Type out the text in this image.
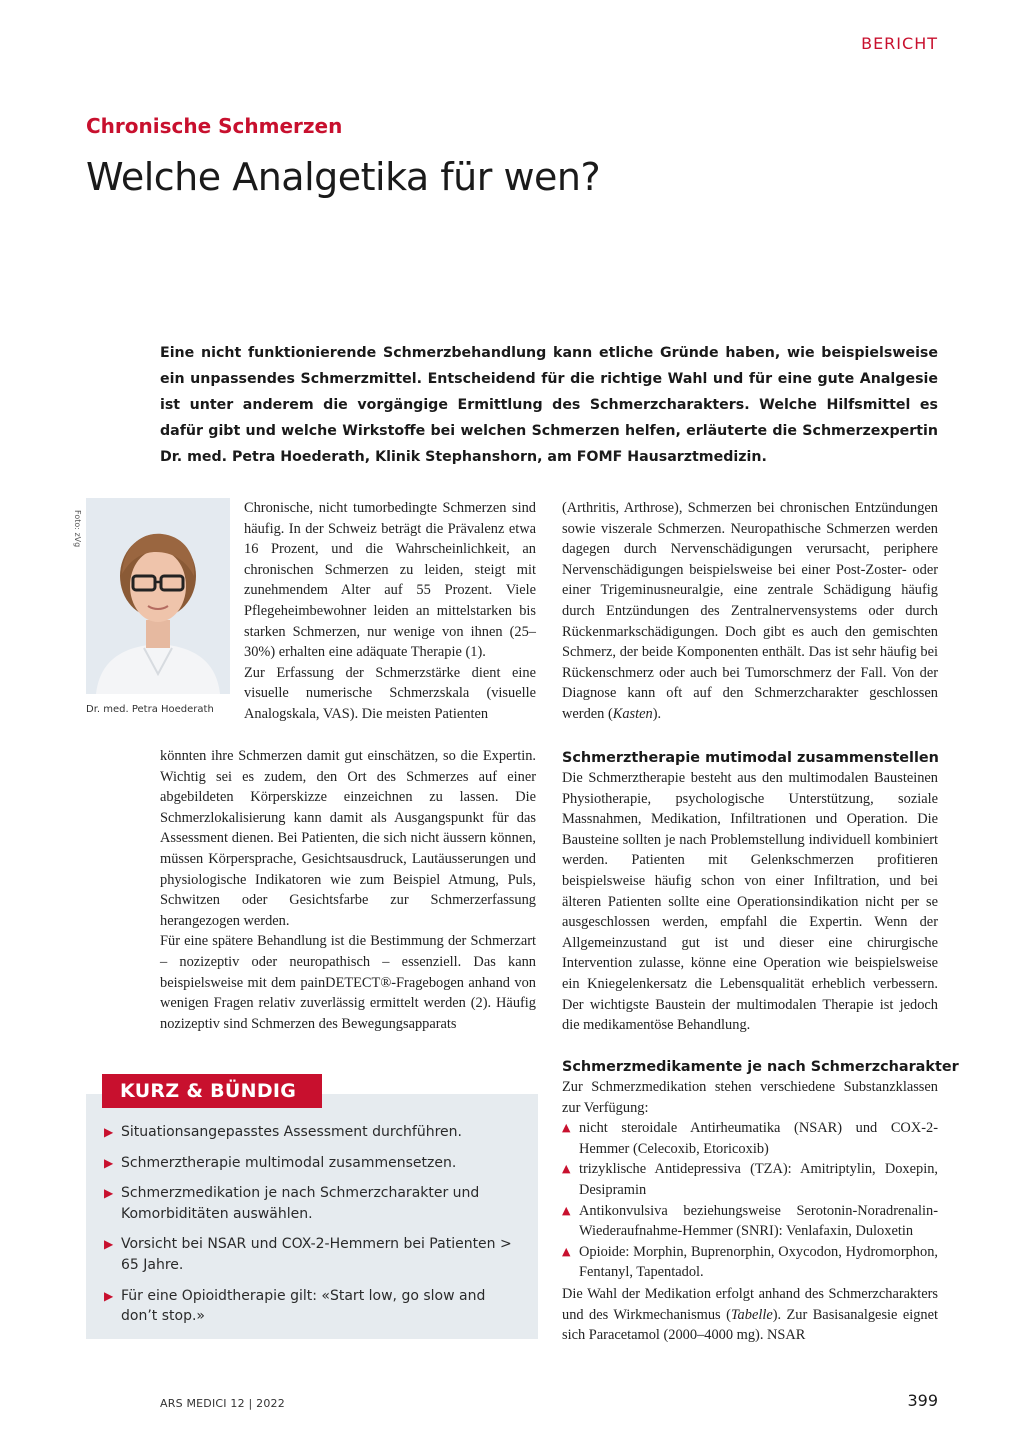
BERICHT
Chronische Schmerzen
Welche Analgetika für wen?

Eine nicht funktionierende Schmerzbehandlung kann etliche Gründe haben, wie beispielsweise ein unpassendes Schmerzmittel. Entscheidend für die richtige Wahl und für eine gute Analgesie ist unter anderem die vorgängige Ermittlung des Schmerzcharakters. Welche Hilfsmittel es dafür gibt und welche Wirkstoffe bei welchen Schmerzen helfen, erläuterte die Schmerzexpertin Dr. med. Petra Hoederath, Klinik Stephanshorn, am FOMF Hausarztmedizin.

Foto: zVg
Dr. med. Petra Hoederath

Chronische, nicht tumorbedingte Schmerzen sind häufig. In der Schweiz beträgt die Prävalenz etwa 16 Prozent, und die Wahrscheinlichkeit, an chronischen Schmerzen zu leiden, steigt mit zunehmendem Alter auf 55 Prozent. Viele Pflegeheimbewohner leiden an mittelstarken bis starken Schmerzen, nur wenige von ihnen (25–30%) erhalten eine adäquate Therapie (1).

Zur Erfassung der Schmerzstärke dient eine visuelle numerische Schmerzskala (visuelle Analogskala, VAS). Die meisten Patienten

könnten ihre Schmerzen damit gut einschätzen, so die Expertin. Wichtig sei es zudem, den Ort des Schmerzes auf einer abgebildeten Körperskizze einzeichnen zu lassen. Die Schmerzlokalisierung kann damit als Ausgangspunkt für das Assessment dienen. Bei Patienten, die sich nicht äussern können, müssen Körpersprache, Gesichtsausdruck, Lautäusserungen und physiologische Indikatoren wie zum Beispiel Atmung, Puls, Schwitzen oder Gesichtsfarbe zur Schmerzerfassung herangezogen werden.

Für eine spätere Behandlung ist die Bestimmung der Schmerzart – nozizeptiv oder neuropathisch – essenziell. Das kann beispielsweise mit dem painDETECT®-Fragebogen anhand von wenigen Fragen relativ zuverlässig ermittelt werden (2). Häufig nozizeptiv sind Schmerzen des Bewegungsapparats

(Arthritis, Arthrose), Schmerzen bei chronischen Entzündungen sowie viszerale Schmerzen. Neuropathische Schmerzen werden dagegen durch Nervenschädigungen verursacht, periphere Nervenschädigungen beispielsweise bei einer Post-Zoster- oder einer Trigeminusneuralgie, eine zentrale Schädigung häufig durch Entzündungen des Zentralnervensystems oder durch Rückenmarkschädigungen. Doch gibt es auch den gemischten Schmerz, der beide Komponenten enthält. Das ist sehr häufig bei Rückenschmerz oder auch bei Tumorschmerz der Fall. Von der Diagnose kann oft auf den Schmerzcharakter geschlossen werden (Kasten).

Schmerztherapie mutimodal zusammenstellen

Die Schmerztherapie besteht aus den multimodalen Bausteinen Physiotherapie, psychologische Unterstützung, soziale Massnahmen, Medikation, Infiltrationen und Operation. Die Bausteine sollten je nach Problemstellung individuell kombiniert werden. Patienten mit Gelenkschmerzen profitieren beispielsweise häufig schon von einer Infiltration, und bei älteren Patienten sollte eine Operationsindikation nicht per se ausgeschlossen werden, empfahl die Expertin. Wenn der Allgemeinzustand gut ist und dieser eine chirurgische Intervention zulasse, könne eine Operation wie beispielsweise ein Kniegelenkersatz die Lebensqualität erheblich verbessern. Der wichtigste Baustein der multimodalen Therapie ist jedoch die medikamentöse Behandlung.

Schmerzmedikamente je nach Schmerzcharakter

Zur Schmerzmedikation stehen verschiedene Substanzklassen zur Verfügung:

▲ nicht steroidale Antirheumatika (NSAR) und COX-2-Hemmer (Celecoxib, Etoricoxib)
▲ trizyklische Antidepressiva (TZA): Amitriptylin, Doxepin, Desipramin
▲ Antikonvulsiva beziehungsweise Serotonin-Noradrenalin-Wiederaufnahme-Hemmer (SNRI): Venlafaxin, Duloxetin
▲ Opioide: Morphin, Buprenorphin, Oxycodon, Hydromorphon, Fentanyl, Tapentadol.

Die Wahl der Medikation erfolgt anhand des Schmerzcharakters und des Wirkmechanismus (Tabelle). Zur Basisanalgesie eignet sich Paracetamol (2000–4000 mg). NSAR

KURZ & BÜNDIG
▶ Situationsangepasstes Assessment durchführen.
▶ Schmerztherapie multimodal zusammensetzen.
▶ Schmerzmedikation je nach Schmerzcharakter und Komorbiditäten auswählen.
▶ Vorsicht bei NSAR und COX-2-Hemmern bei Patienten > 65 Jahre.
▶ Für eine Opioidtherapie gilt: «Start low, go slow and don’t stop.»
ARS MEDICI 12 | 2022	399
